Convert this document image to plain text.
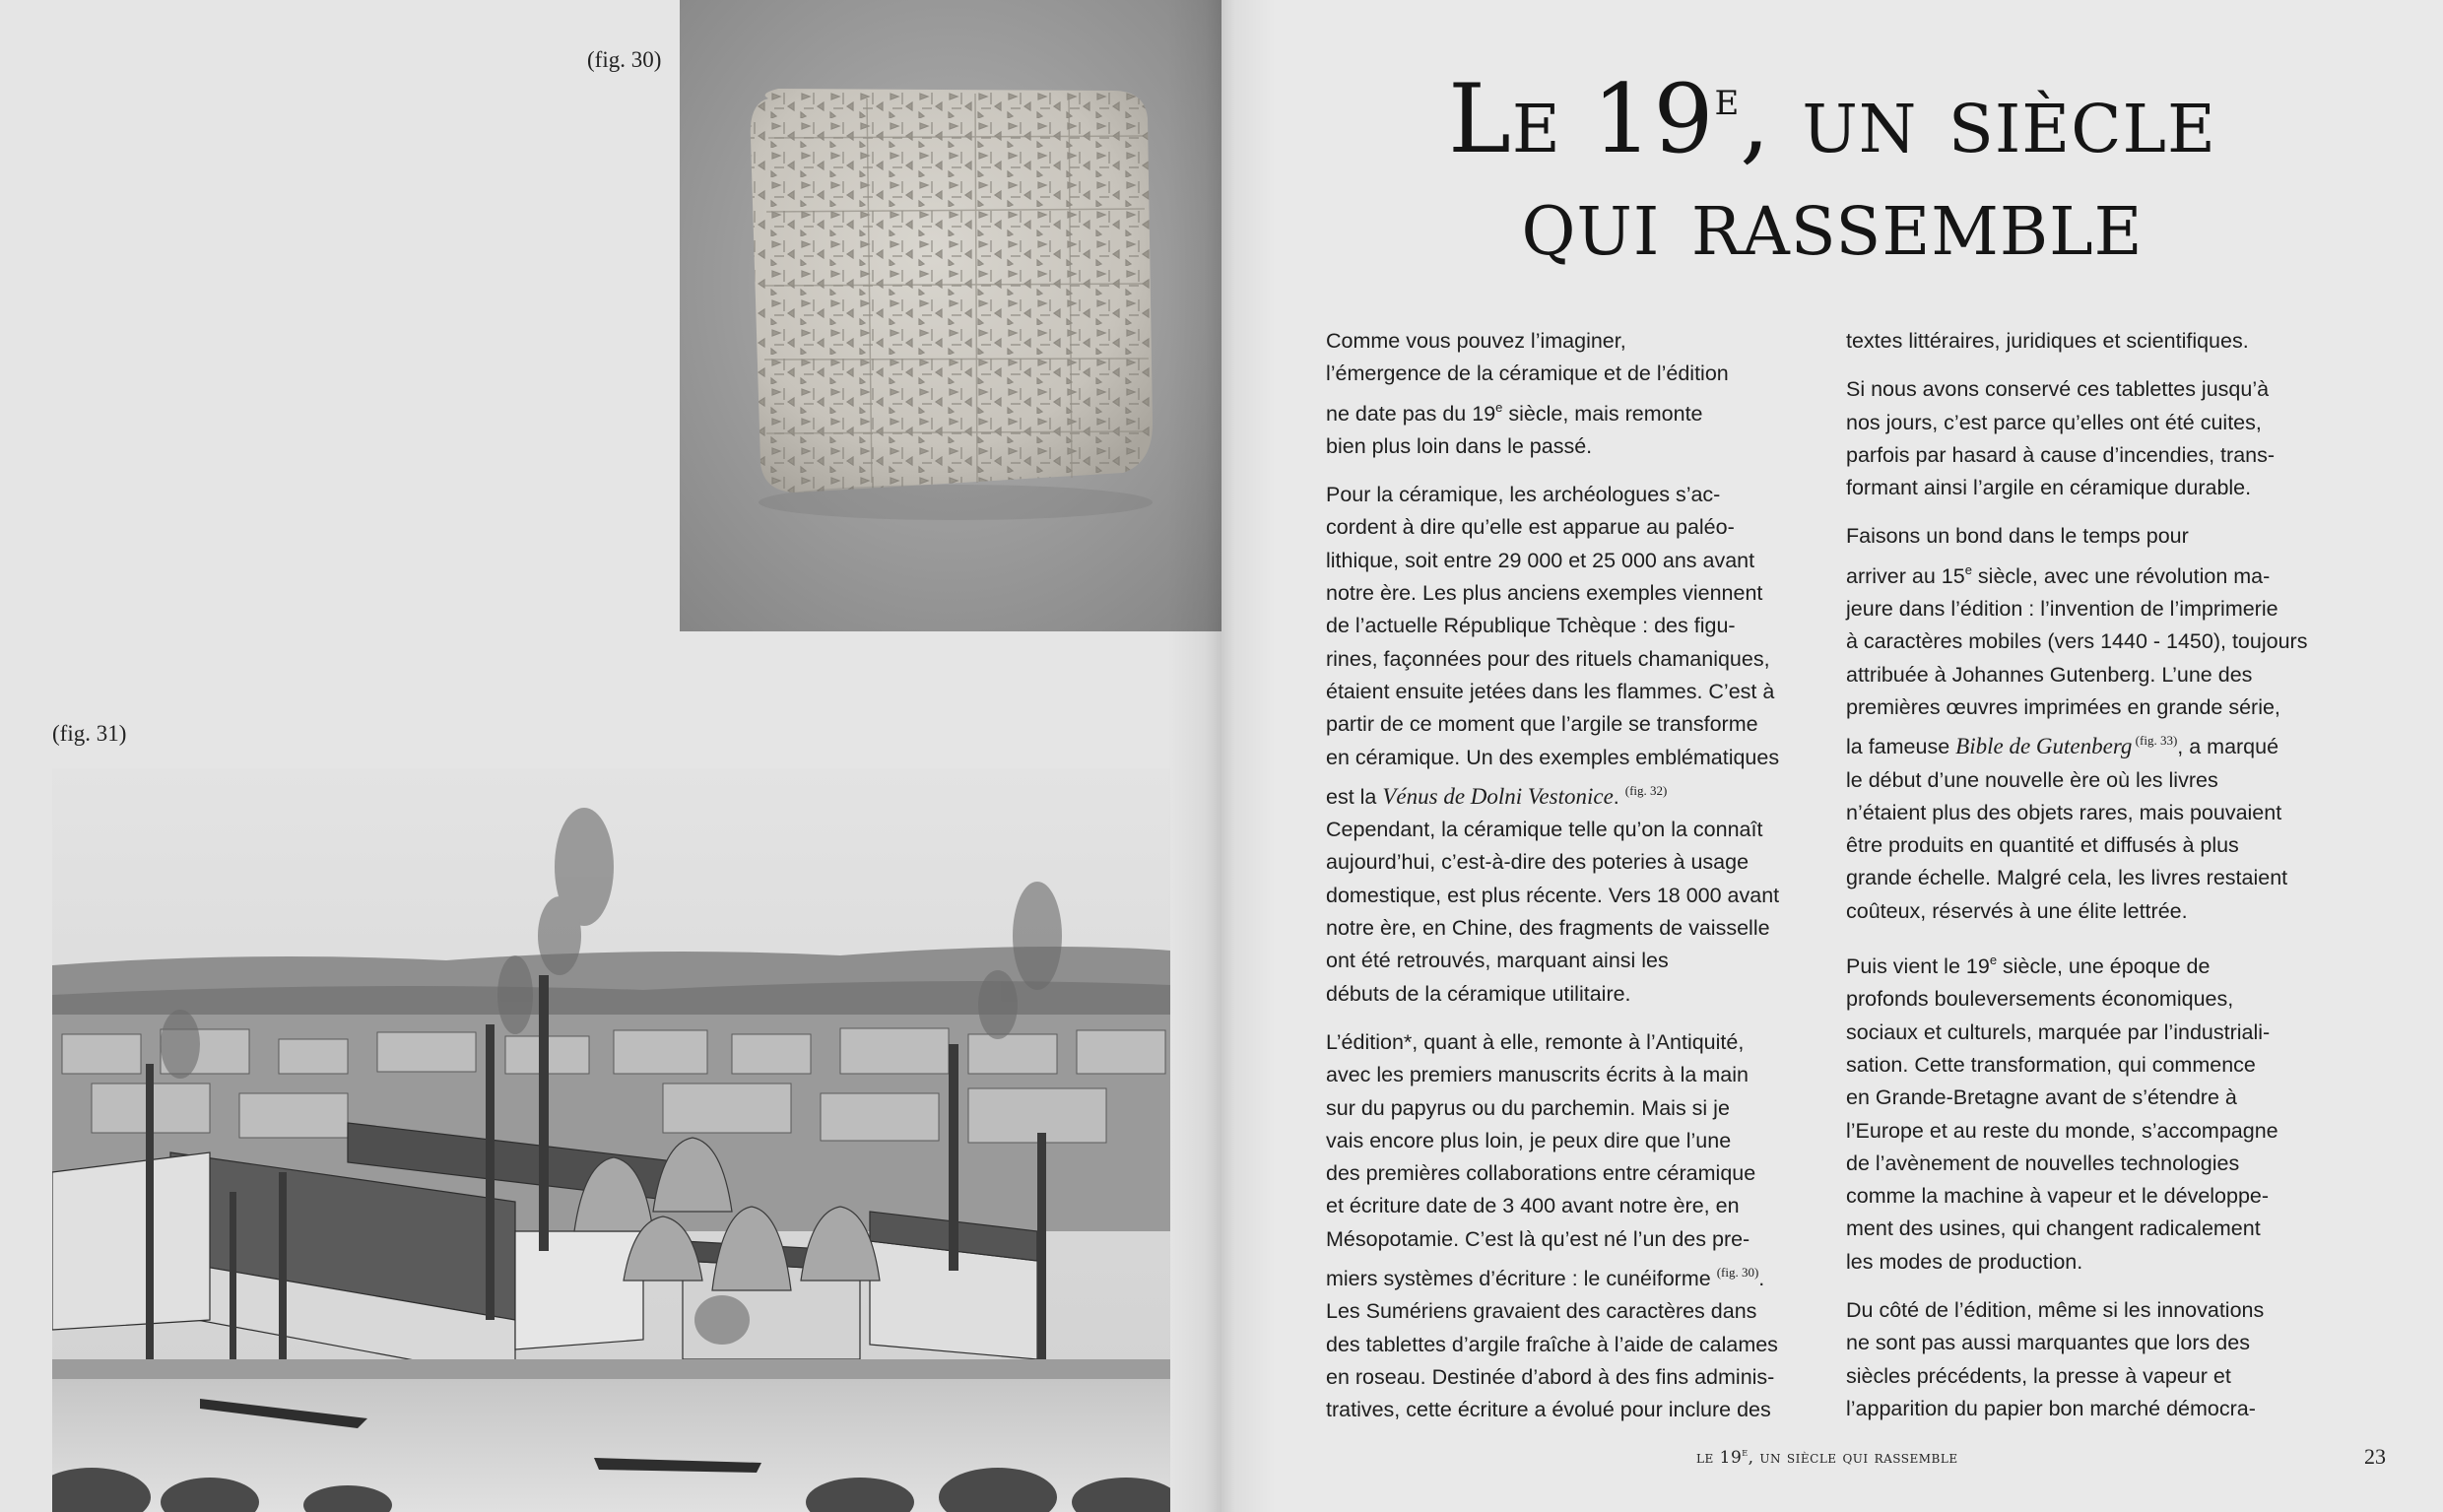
(fig. 30)
(fig. 31)
Le 19e, un siècle
qui rassemble

Comme vous pouvez l’imaginer,
l’émergence de la céramique et de l’édition
ne date pas du 19e siècle, mais remonte
bien plus loin dans le passé.

Pour la céramique, les archéologues s’ac-
cordent à dire qu’elle est apparue au paléo-
lithique, soit entre 29 000 et 25 000 ans avant
notre ère. Les plus anciens exemples viennent
de l’actuelle République Tchèque : des figu-
rines, façonnées pour des rituels chamaniques,
étaient ensuite jetées dans les flammes. C’est à
partir de ce moment que l’argile se transforme
en céramique. Un des exemples emblématiques
est la Vénus de Dolni Vestonice. $^{(fig. 32)}$
Cependant, la céramique telle qu’on la connaît
aujourd’hui, c’est-à-dire des poteries à usage
domestique, est plus récente. Vers 18 000 avant
notre ère, en Chine, des fragments de vaisselle
ont été retrouvés, marquant ainsi les
débuts de la céramique utilitaire.

L’édition*, quant à elle, remonte à l’Antiquité,
avec les premiers manuscrits écrits à la main
sur du papyrus ou du parchemin. Mais si je
vais encore plus loin, je peux dire que l’une
des premières collaborations entre céramique
et écriture date de 3 400 avant notre ère, en
Mésopotamie. C’est là qu’est né l’un des pre-
miers systèmes d’écriture : le cunéiforme $^{(fig. 30)}$.
Les Sumériens gravaient des caractères dans
des tablettes d’argile fraîche à l’aide de calames
en roseau. Destinée d’abord à des fins adminis-
tratives, cette écriture a évolué pour inclure des

textes littéraires, juridiques et scientifiques.

Si nous avons conservé ces tablettes jusqu’à
nos jours, c’est parce qu’elles ont été cuites,
parfois par hasard à cause d’incendies, trans-
formant ainsi l’argile en céramique durable.

Faisons un bond dans le temps pour
arriver au 15e siècle, avec une révolution ma-
jeure dans l’édition : l’invention de l’imprimerie
à caractères mobiles (vers 1440 - 1450), toujours
attribuée à Johannes Gutenberg. L’une des
premières œuvres imprimées en grande série,
la fameuse Bible de Gutenberg $^{(fig. 33)}$, a marqué
le début d’une nouvelle ère où les livres
n’étaient plus des objets rares, mais pouvaient
être produits en quantité et diffusés à plus
grande échelle. Malgré cela, les livres restaient
coûteux, réservés à une élite lettrée.

Puis vient le 19e siècle, une époque de
profonds bouleversements économiques,
sociaux et culturels, marquée par l’industriali-
sation. Cette transformation, qui commence
en Grande-Bretagne avant de s’étendre à
l’Europe et au reste du monde, s’accompagne
de l’avènement de nouvelles technologies
comme la machine à vapeur et le développe-
ment des usines, qui changent radicalement
les modes de production.

Du côté de l’édition, même si les innovations
ne sont pas aussi marquantes que lors des
siècles précédents, la presse à vapeur et
l’apparition du papier bon marché démocra-

le 19e, un siècle qui rassemble	23
